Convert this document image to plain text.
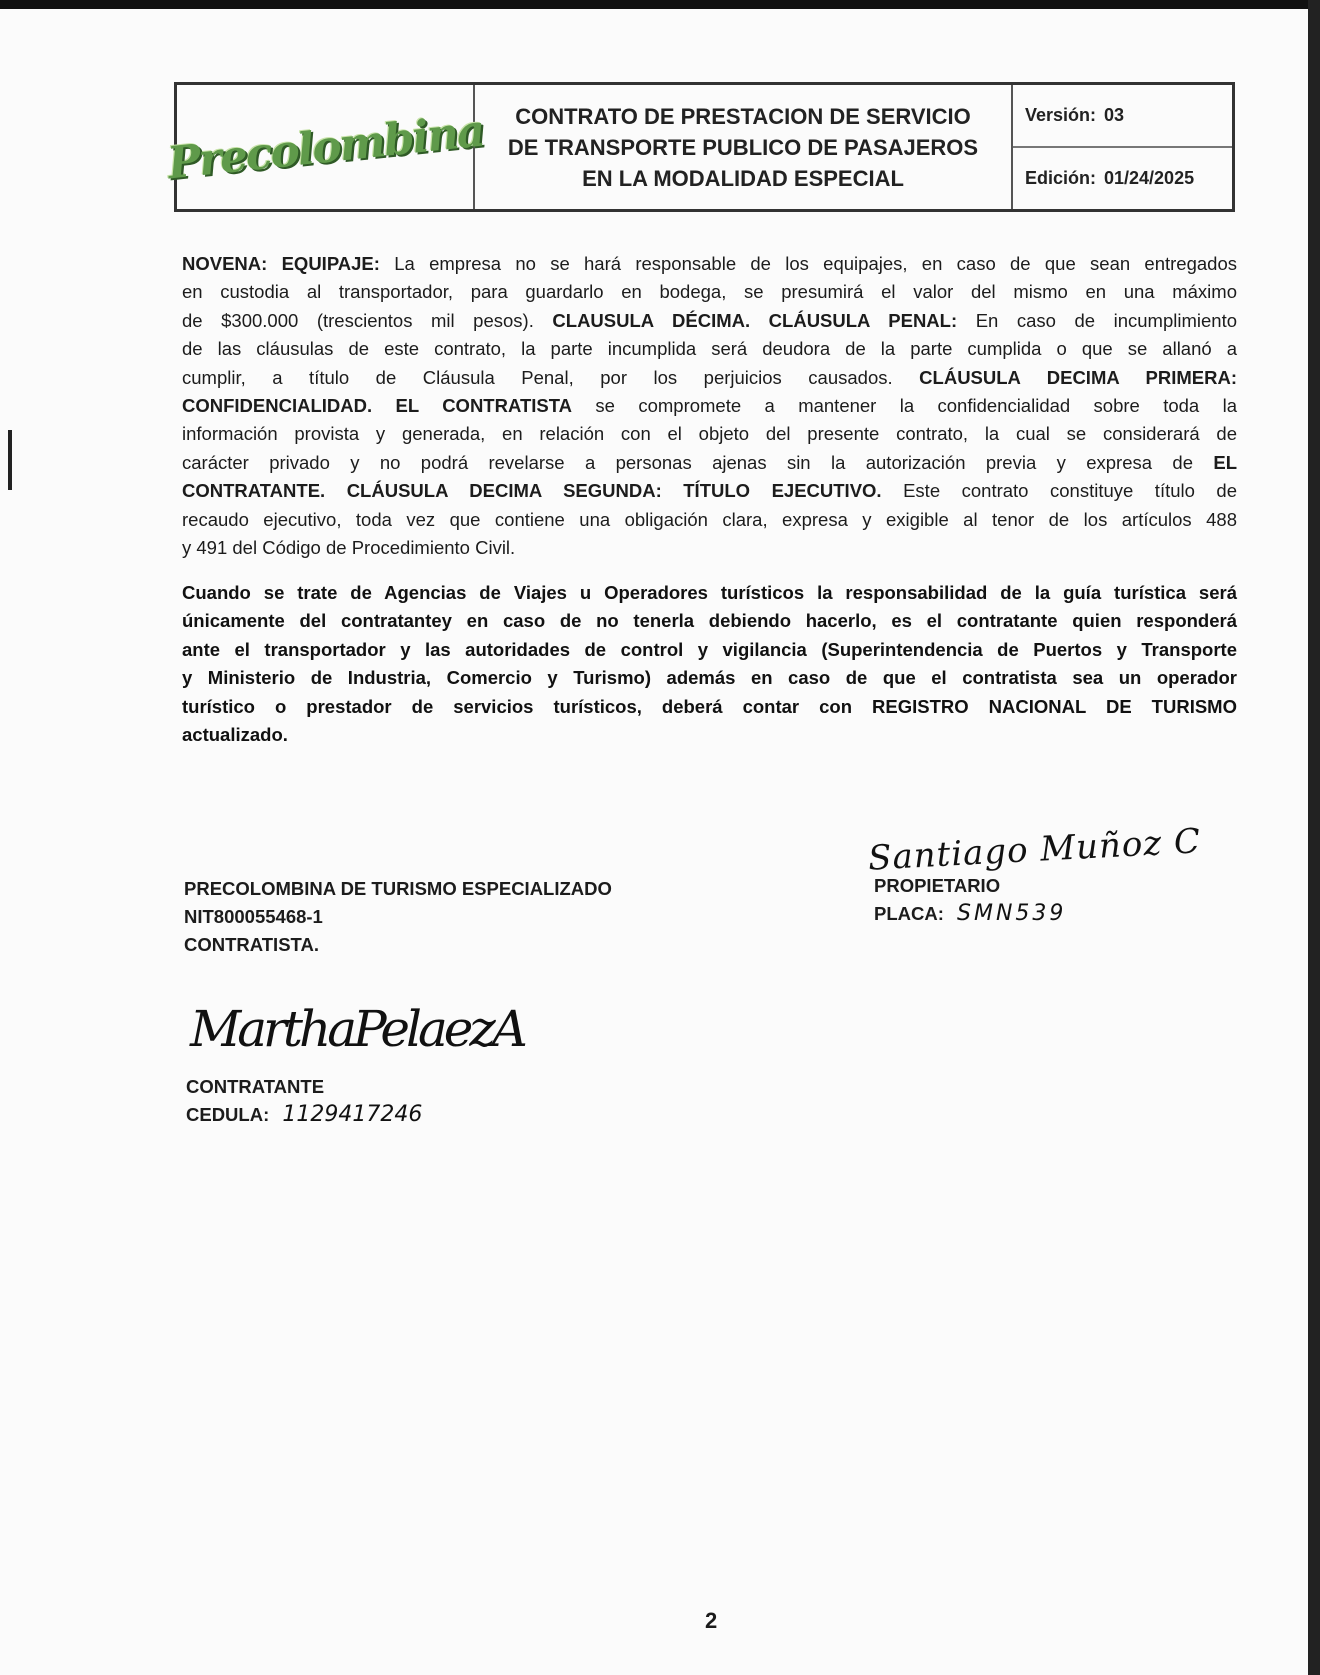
Precolombina CONTRATO DE PRESTACION DE SERVICIO
DE TRANSPORTE PUBLICO DE PASAJEROS
EN LA MODALIDAD ESPECIAL
Versión: 03
Edición: 01/24/2025
NOVENA: EQUIPAJE: La empresa no se hará responsable de los equipajes, en caso de que sean entregados
en custodia al transportador, para guardarlo en bodega, se presumirá el valor del mismo en una máximo
de $300.000 (trescientos mil pesos). CLAUSULA DÉCIMA. CLÁUSULA PENAL: En caso de incumplimiento
de las cláusulas de este contrato, la parte incumplida será deudora de la parte cumplida o que se allanó a
cumplir, a título de Cláusula Penal, por los perjuicios causados. CLÁUSULA DECIMA PRIMERA:
CONFIDENCIALIDAD. EL CONTRATISTA se compromete a mantener la confidencialidad sobre toda la
información provista y generada, en relación con el objeto del presente contrato, la cual se considerará de
carácter privado y no podrá revelarse a personas ajenas sin la autorización previa y expresa de EL
CONTRATANTE. CLÁUSULA DECIMA SEGUNDA: TÍTULO EJECUTIVO. Este contrato constituye título de
recaudo ejecutivo, toda vez que contiene una obligación clara, expresa y exigible al tenor de los artículos 488
y 491 del Código de Procedimiento Civil.
Cuando se trate de Agencias de Viajes u Operadores turísticos la responsabilidad de la guía turística será
únicamente del contratantey en caso de no tenerla debiendo hacerlo, es el contratante quien responderá
ante el transportador y las autoridades de control y vigilancia (Superintendencia de Puertos y Transporte
y Ministerio de Industria, Comercio y Turismo) además en caso de que el contratista sea un operador
turístico o prestador de servicios turísticos, deberá contar con REGISTRO NACIONAL DE TURISMO
actualizado.
Santiago Muñoz C
PROPIETARIO
PLACA: SMN539
PRECOLOMBINA DE TURISMO ESPECIALIZADO
NIT800055468-1
CONTRATISTA.
MarthaPelaezA
CONTRATANTE
CEDULA: 1129417246
2
